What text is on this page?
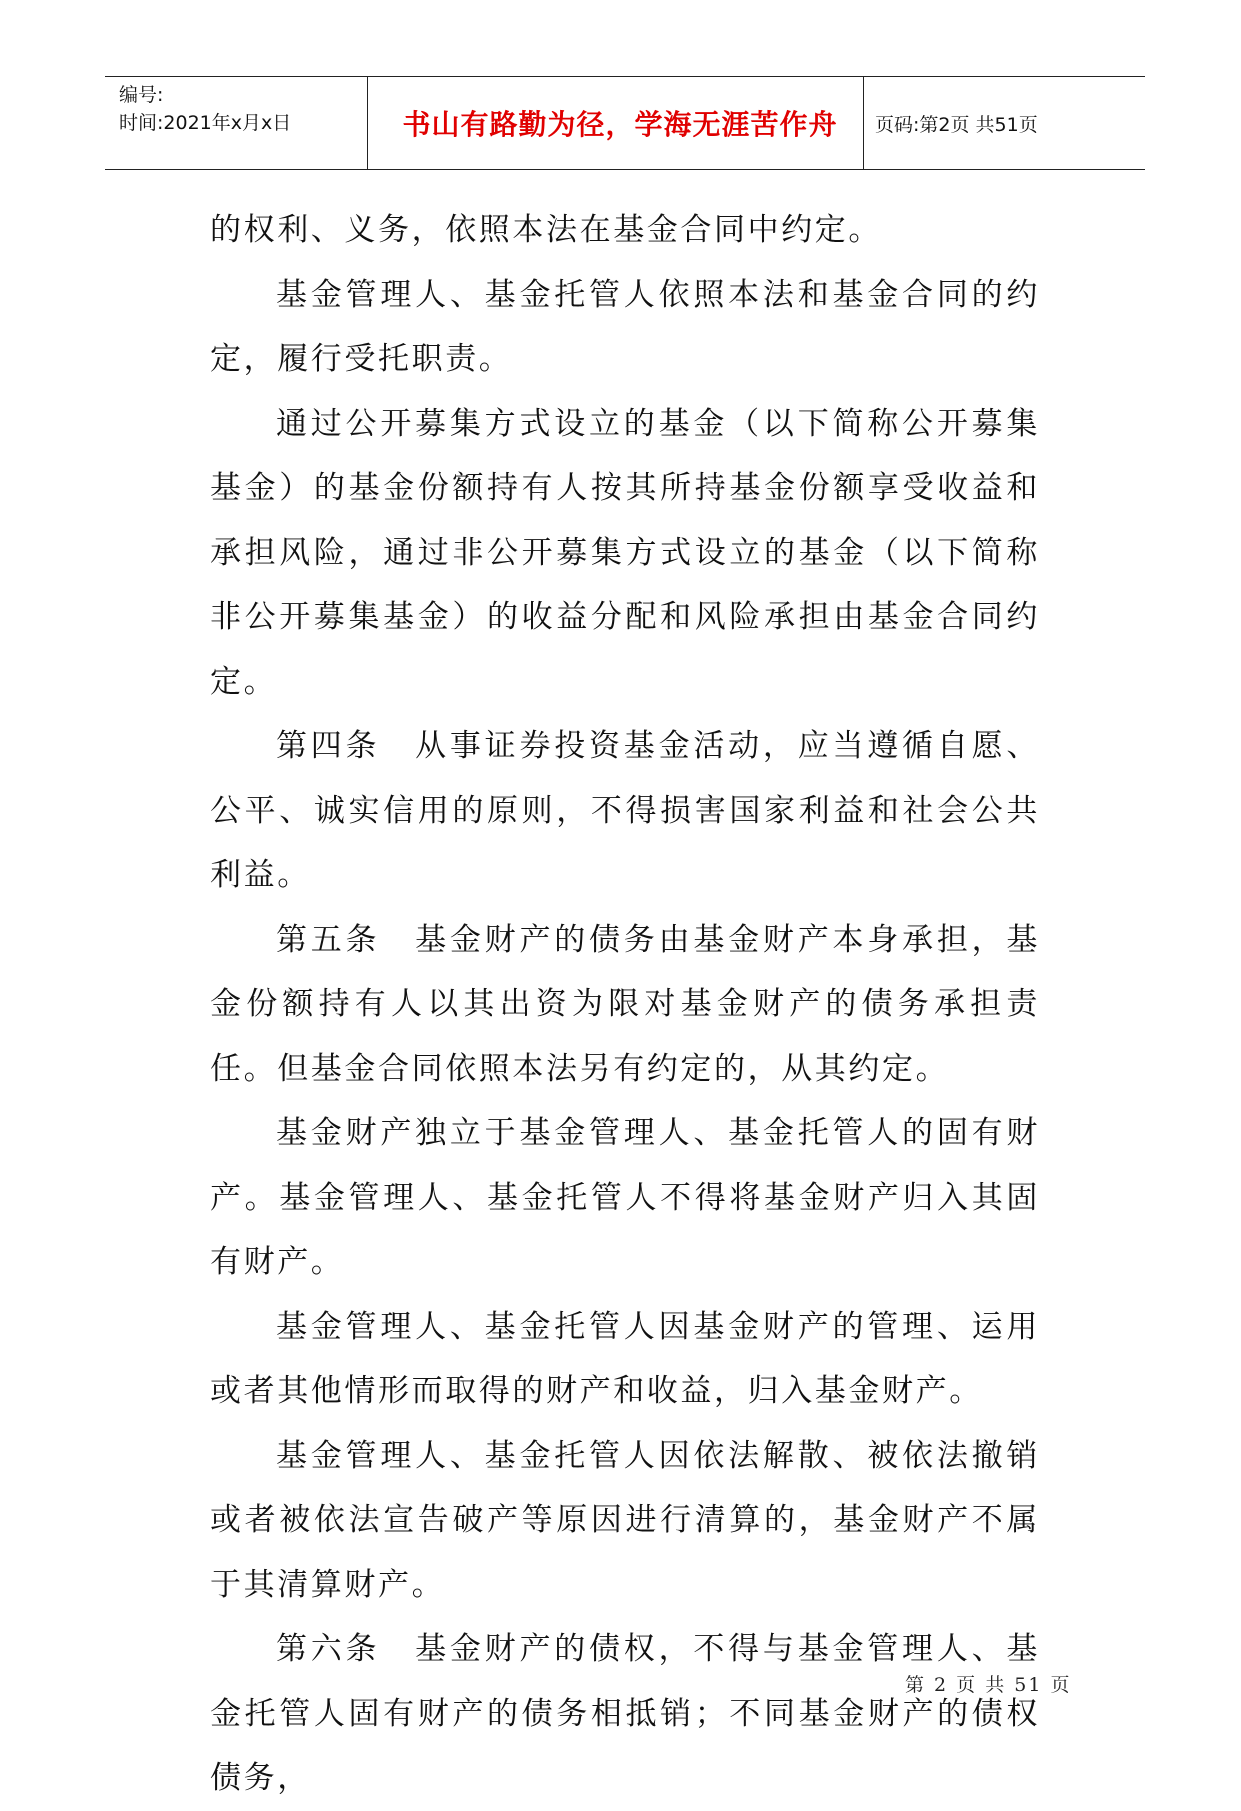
编号:
时间:2021年x月x日	书山有路勤为径，学海无涯苦作舟	页码:第2页 共51页

的权利、义务，依照本法在基金合同中约定。

基金管理人、基金托管人依照本法和基金合同的约定，履行受托职责。

通过公开募集方式设立的基金（以下简称公开募集基金）的基金份额持有人按其所持基金份额享受收益和承担风险，通过非公开募集方式设立的基金（以下简称非公开募集基金）的收益分配和风险承担由基金合同约定。

第四条　从事证券投资基金活动，应当遵循自愿、公平、诚实信用的原则，不得损害国家利益和社会公共利益。

第五条　基金财产的债务由基金财产本身承担，基金份额持有人以其出资为限对基金财产的债务承担责任。但基金合同依照本法另有约定的，从其约定。

基金财产独立于基金管理人、基金托管人的固有财产。基金管理人、基金托管人不得将基金财产归入其固有财产。

基金管理人、基金托管人因基金财产的管理、运用或者其他情形而取得的财产和收益，归入基金财产。

基金管理人、基金托管人因依法解散、被依法撤销或者被依法宣告破产等原因进行清算的，基金财产不属于其清算财产。

第六条　基金财产的债权，不得与基金管理人、基金托管人固有财产的债务相抵销；不同基金财产的债权债务，

第 2 页 共 51 页
